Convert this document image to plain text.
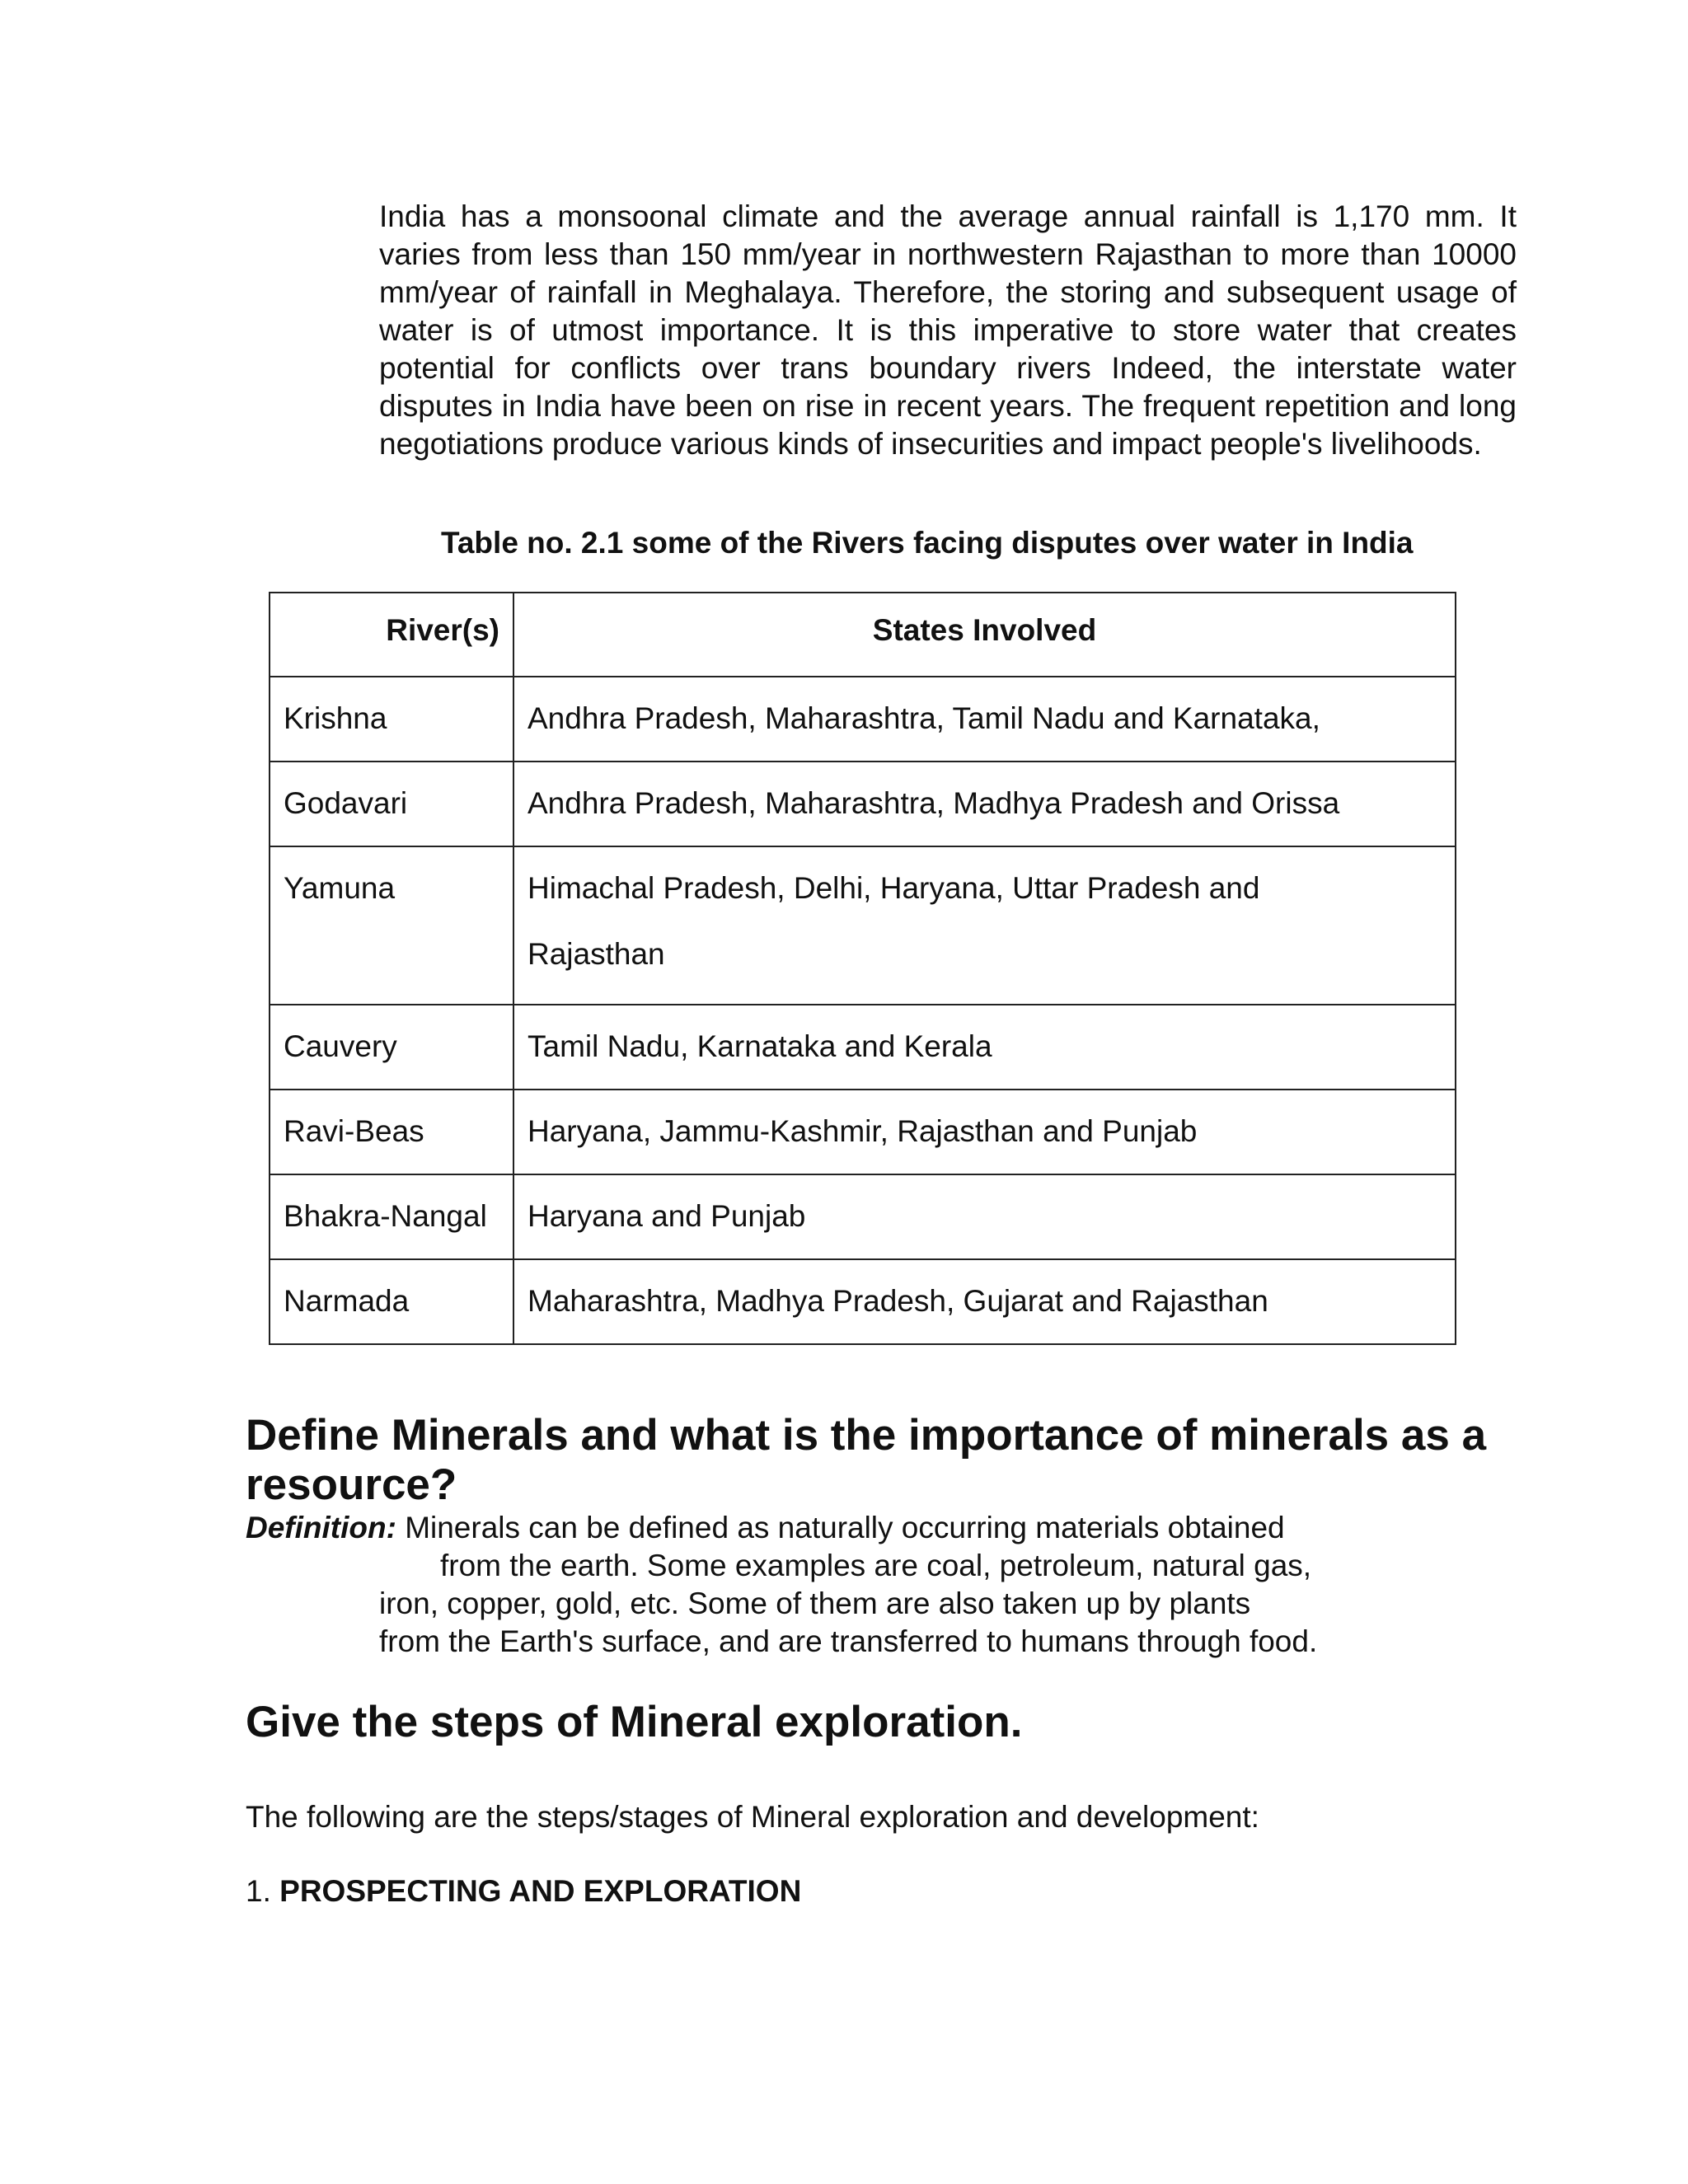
India has a monsoonal climate and the average annual rainfall is 1,170 mm. It varies from less than 150 mm/year in northwestern Rajasthan to more than 10000 mm/year of rainfall in Meghalaya. Therefore, the storing and subsequent usage of water is of utmost importance. It is this imperative to store water that creates potential for conflicts over trans boundary rivers Indeed, the interstate water disputes in India have been on rise in recent years. The frequent repetition and long negotiations produce various kinds of insecurities and impact people's livelihoods.

Table no. 2.1 some of the Rivers facing disputes over water in India

River(s)	States Involved
Krishna	Andhra Pradesh, Maharashtra, Tamil Nadu and Karnataka,
Godavari	Andhra Pradesh, Maharashtra, Madhya Pradesh and Orissa
Yamuna	Himachal Pradesh, Delhi, Haryana, Uttar Pradesh and
Rajasthan
Cauvery	Tamil Nadu, Karnataka and Kerala
Ravi-Beas	Haryana, Jammu-Kashmir, Rajasthan and Punjab
Bhakra-Nangal	Haryana and Punjab
Narmada	Maharashtra, Madhya Pradesh, Gujarat and Rajasthan
Define Minerals and what is the importance of minerals as a resource?

Definition: Minerals can be defined as naturally occurring materials obtained
from the earth. Some examples are coal, petroleum, natural gas,
iron, copper, gold, etc. Some of them are also taken up by plants
from the Earth's surface, and are transferred to humans through food.

Give the steps of Mineral exploration.

The following are the steps/stages of Mineral exploration and development:

1. PROSPECTING AND EXPLORATION
